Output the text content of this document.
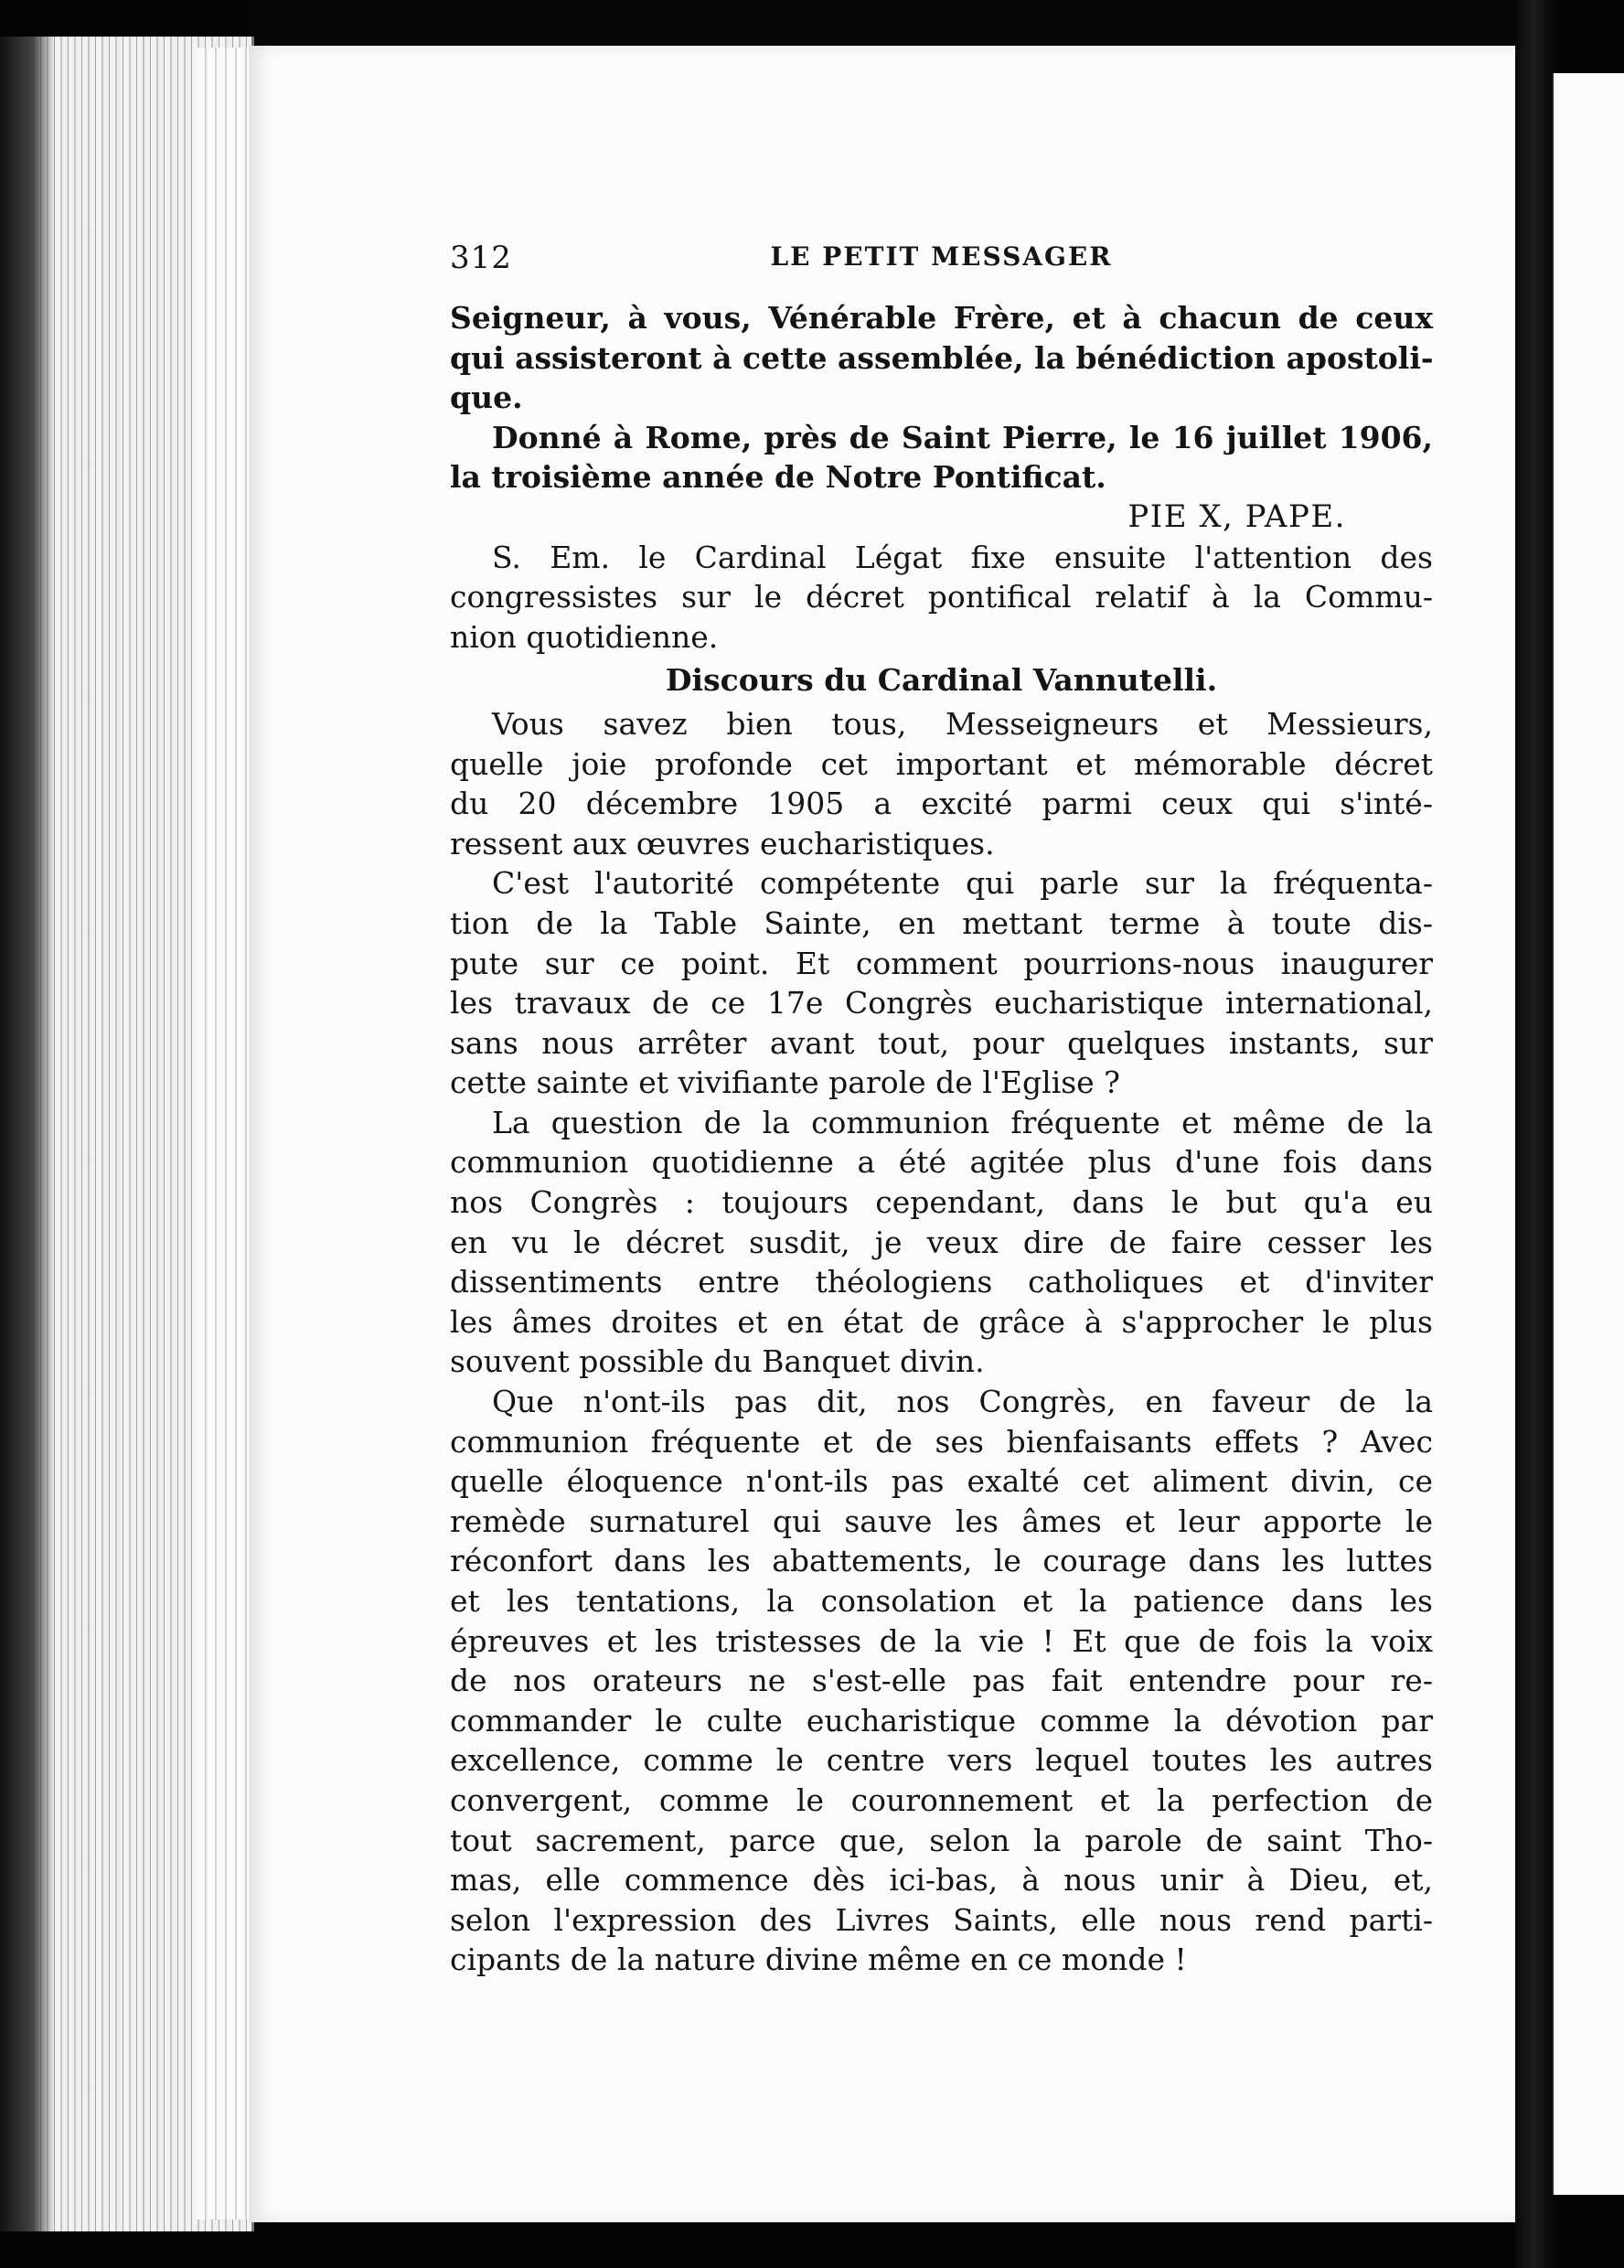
312	LE PETIT MESSAGER
Seigneur, à vous, Vénérable Frère, et à chacun de ceux
qui assisteront à cette assemblée, la bénédiction apostoli-
que.
Donné à Rome, près de Saint Pierre, le 16 juillet 1906,
la troisième année de Notre Pontificat.
PIE X, PAPE.
S. Em. le Cardinal Légat fixe ensuite l'attention des
congressistes sur le décret pontifical relatif à la Commu-
nion quotidienne.
Discours du Cardinal Vannutelli.
Vous savez bien tous, Messeigneurs et Messieurs,
quelle joie profonde cet important et mémorable décret
du 20 décembre 1905 a excité parmi ceux qui s'inté-
ressent aux œuvres eucharistiques.
C'est l'autorité compétente qui parle sur la fréquenta-
tion de la Table Sainte, en mettant terme à toute dis-
pute sur ce point. Et comment pourrions-nous inaugurer
les travaux de ce 17e Congrès eucharistique international,
sans nous arrêter avant tout, pour quelques instants, sur
cette sainte et vivifiante parole de l'Eglise ?
La question de la communion fréquente et même de la
communion quotidienne a été agitée plus d'une fois dans
nos Congrès : toujours cependant, dans le but qu'a eu
en vu le décret susdit, je veux dire de faire cesser les
dissentiments entre théologiens catholiques et d'inviter
les âmes droites et en état de grâce à s'approcher le plus
souvent possible du Banquet divin.
Que n'ont-ils pas dit, nos Congrès, en faveur de la
communion fréquente et de ses bienfaisants effets ? Avec
quelle éloquence n'ont-ils pas exalté cet aliment divin, ce
remède surnaturel qui sauve les âmes et leur apporte le
réconfort dans les abattements, le courage dans les luttes
et les tentations, la consolation et la patience dans les
épreuves et les tristesses de la vie ! Et que de fois la voix
de nos orateurs ne s'est-elle pas fait entendre pour re-
commander le culte eucharistique comme la dévotion par
excellence, comme le centre vers lequel toutes les autres
convergent, comme le couronnement et la perfection de
tout sacrement, parce que, selon la parole de saint Tho-
mas, elle commence dès ici-bas, à nous unir à Dieu, et,
selon l'expression des Livres Saints, elle nous rend parti-
cipants de la nature divine même en ce monde !
